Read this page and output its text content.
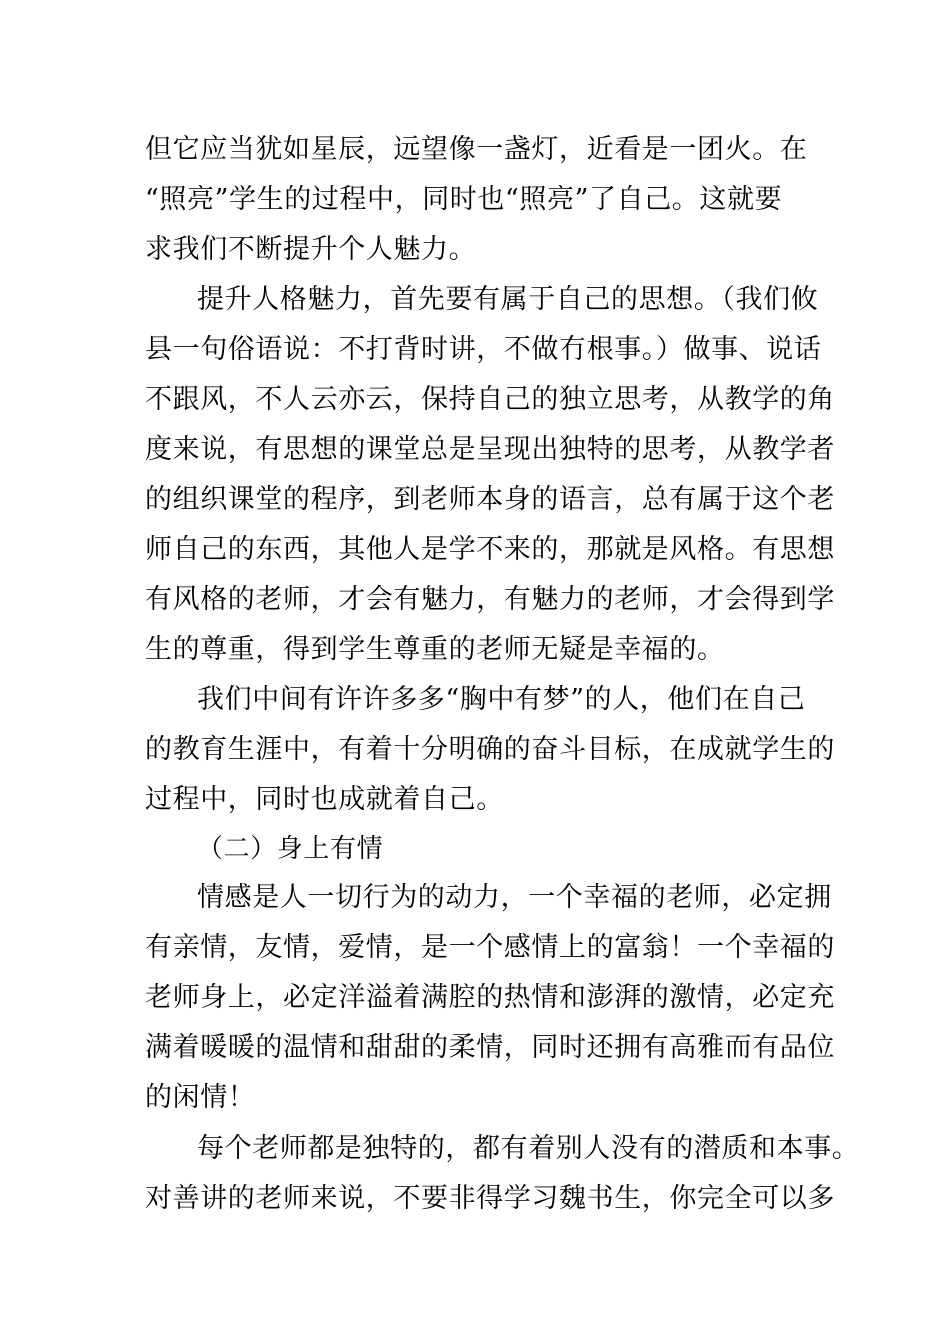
但它应当犹如星辰，远望像一盏灯，近看是一团火。在
“照亮”学生的过程中，同时也“照亮”了自己。这就要
求我们不断提升个人魅力。
提升人格魅力，首先要有属于自己的思想。（我们攸
县一句俗语说：不打背时讲，不做冇根事。）做事、说话
不跟风，不人云亦云，保持自己的独立思考，从教学的角
度来说，有思想的课堂总是呈现出独特的思考，从教学者
的组织课堂的程序，到老师本身的语言，总有属于这个老
师自己的东西，其他人是学不来的，那就是风格。有思想
有风格的老师，才会有魅力，有魅力的老师，才会得到学
生的尊重，得到学生尊重的老师无疑是幸福的。
我们中间有许许多多“胸中有梦”的人，他们在自己
的教育生涯中，有着十分明确的奋斗目标，在成就学生的
过程中，同时也成就着自己。
（二）身上有情
情感是人一切行为的动力，一个幸福的老师，必定拥
有亲情，友情，爱情，是一个感情上的富翁！一个幸福的
老师身上，必定洋溢着满腔的热情和澎湃的激情，必定充
满着暖暖的温情和甜甜的柔情，同时还拥有高雅而有品位
的闲情！
每个老师都是独特的，都有着别人没有的潜质和本事。
对善讲的老师来说，不要非得学习魏书生，你完全可以多
